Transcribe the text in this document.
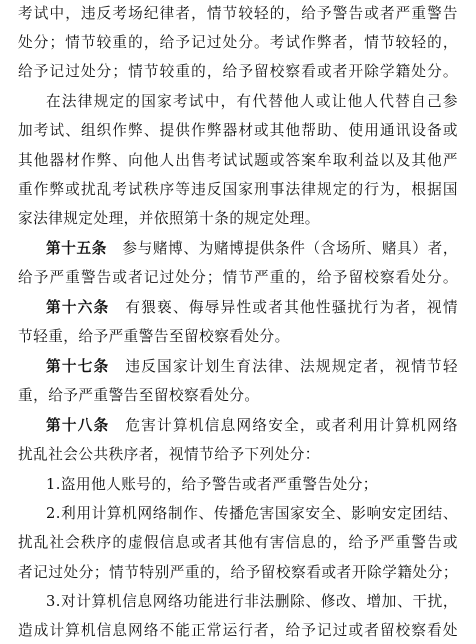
考试中，违反考场纪律者，情节较轻的，给予警告或者严重警告
处分；情节较重的，给予记过处分。考试作弊者，情节较轻的，
给予记过处分；情节较重的，给予留校察看或者开除学籍处分。
在法律规定的国家考试中，有代替他人或让他人代替自己参
加考试、组织作弊、提供作弊器材或其他帮助、使用通讯设备或
其他器材作弊、向他人出售考试试题或答案牟取利益以及其他严
重作弊或扰乱考试秩序等违反国家刑事法律规定的行为，根据国
家法律规定处理，并依照第十条的规定处理。
第十五条　 参与赌博、为赌博提供条件（含场所、赌具）者，
给予严重警告或者记过处分；情节严重的，给予留校察看处分。
第十六条　 有猥亵、侮辱异性或者其他性骚扰行为者，视情
节轻重，给予严重警告至留校察看处分。
第十七条　 违反国家计划生育法律、法规规定者，视情节轻
重，给予严重警告至留校察看处分。
第十八条　 危害计算机信息网络安全，或者利用计算机网络
扰乱社会公共秩序者，视情节给予下列处分：
1.盗用他人账号的，给予警告或者严重警告处分；
2.利用计算机网络制作、传播危害国家安全、影响安定团结、
扰乱社会秩序的虚假信息或者其他有害信息的，给予严重警告或
者记过处分；情节特别严重的，给予留校察看或者开除学籍处分；
3.对计算机信息网络功能进行非法删除、修改、增加、干扰，
造成计算机信息网络不能正常运行者，给予记过或者留校察看处
